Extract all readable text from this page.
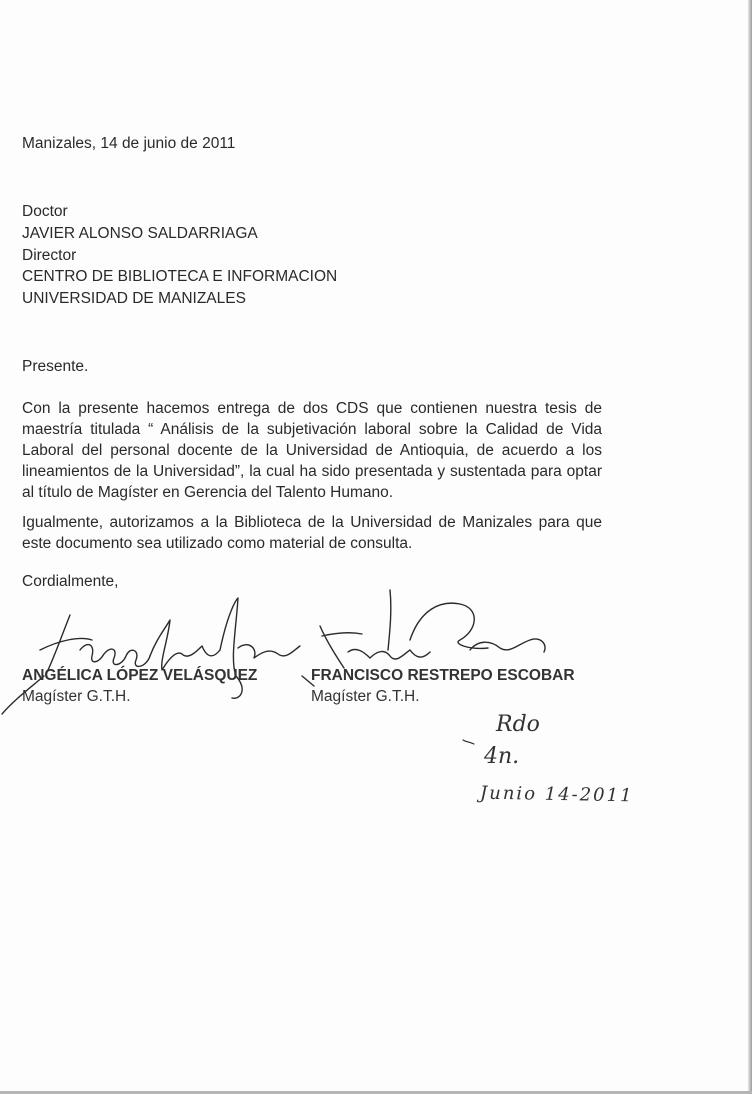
Manizales, 14 de junio de 2011
Doctor
JAVIER ALONSO SALDARRIAGA
Director
CENTRO DE BIBLIOTECA E INFORMACION
UNIVERSIDAD DE MANIZALES
Presente.
Con la presente hacemos entrega de dos CDS que contienen nuestra tesis de maestría titulada “ Análisis de la subjetivación laboral sobre la Calidad de Vida Laboral del personal docente de la Universidad de Antioquia, de acuerdo a los lineamientos de la Universidad”, la cual ha sido presentada y sustentada para optar al título de Magíster en Gerencia del Talento Humano.
Igualmente, autorizamos a la Biblioteca de la Universidad de Manizales para que este documento sea utilizado como material de consulta.
Cordialmente,
ANGÉLICA LÓPEZ VELÁSQUEZ
Magíster G.T.H.
FRANCISCO RESTREPO ESCOBAR
Magíster G.T.H.
Rdo
4n.
Junio 14-2011
